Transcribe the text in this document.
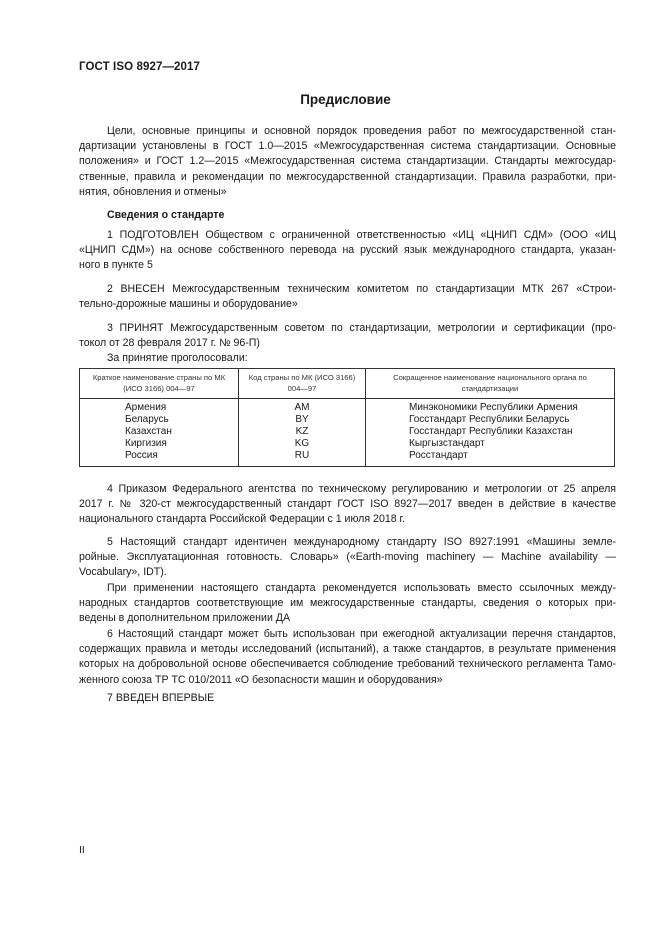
ГОСТ ISO 8927—2017
Предисловие
Цели, основные принципы и основной порядок проведения работ по межгосударственной стан-
дартизации установлены в ГОСТ 1.0—2015 «Межгосударственная система стандартизации. Основные
положения» и ГОСТ 1.2—2015 «Межгосударственная система стандартизации. Стандарты межгосудар-
ственные, правила и рекомендации по межгосударственной стандартизации. Правила разработки, при-
нятия, обновления и отмены»
Сведения о стандарте
1 ПОДГОТОВЛЕН Обществом с ограниченной ответственностью «ИЦ «ЦНИП СДМ» (ООО «ИЦ
«ЦНИП СДМ») на основе собственного перевода на русский язык международного стандарта, указан-
ного в пункте 5
2 ВНЕСЕН Межгосударственным техническим комитетом по стандартизации МТК 267 «Строи-
тельно-дорожные машины и оборудование»
3 ПРИНЯТ Межгосударственным советом по стандартизации, метрологии и сертификации (про-
токол от 28 февраля 2017 г. № 96-П)
За принятие проголосовали:
Краткое наименование страны по МК (ИСО 3166) 004—97	Код страны по МК (ИСО 3166) 004—97	Сокращенное наименование национального органа по стандартизации
Армения	AM	Минэкономики Республики Армения
Беларусь	BY	Госстандарт Республики Беларусь
Казахстан	KZ	Госстандарт Республики Казахстан
Киргизия	KG	Кыргызстандарт
Россия	RU	Росстандарт
4 Приказом Федерального агентства по техническому регулированию и метрологии от 25 апреля
2017 г. № 320-ст межгосударственный стандарт ГОСТ ISO 8927—2017 введен в действие в качестве
национального стандарта Российской Федерации с 1 июля 2018 г.
5 Настоящий стандарт идентичен международному стандарту ISO 8927:1991 «Машины земле-
ройные. Эксплуатационная готовность. Словарь» («Earth-moving machinery — Machine availability —
Vocabulary», IDT).
При применении настоящего стандарта рекомендуется использовать вместо ссылочных между-
народных стандартов соответствующие им межгосударственные стандарты, сведения о которых при-
ведены в дополнительном приложении ДА
6 Настоящий стандарт может быть использован при ежегодной актуализации перечня стандартов,
содержащих правила и методы исследований (испытаний), а также стандартов, в результате применения
которых на добровольной основе обеспечивается соблюдение требований технического регламента Тамо-
женного союза ТР ТС 010/2011 «О безопасности машин и оборудования»
7 ВВЕДЕН ВПЕРВЫЕ
II
